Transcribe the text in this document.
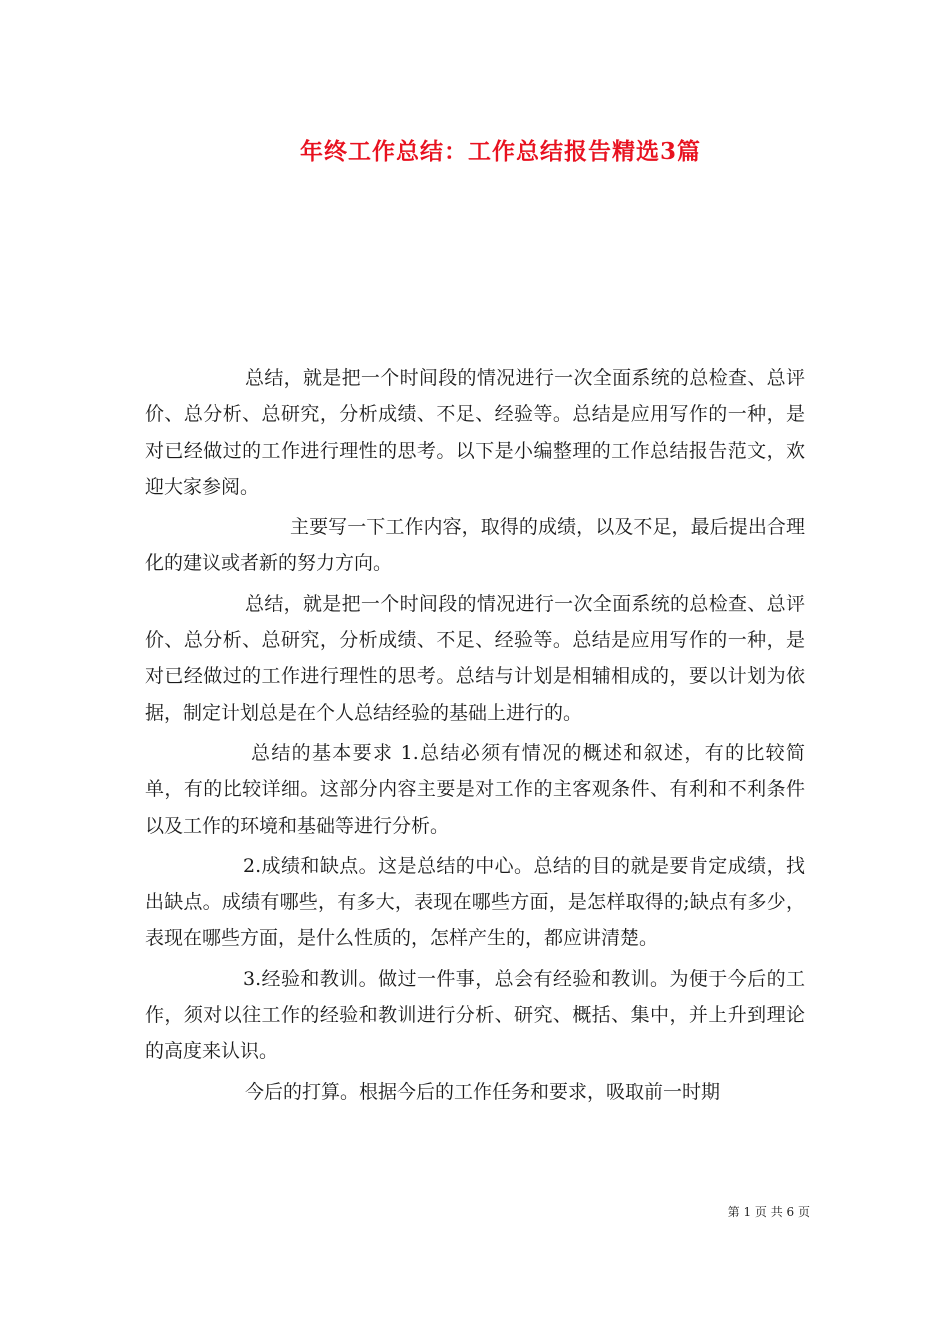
年终工作总结：工作总结报告精选3篇

总结，就是把一个时间段的情况进行一次全面系统的总检查、总评价、总分析、总研究，分析成绩、不足、经验等。总结是应用写作的一种，是对已经做过的工作进行理性的思考。以下是小编整理的工作总结报告范文，欢迎大家参阅。

主要写一下工作内容，取得的成绩，以及不足，最后提出合理化的建议或者新的努力方向。

总结，就是把一个时间段的情况进行一次全面系统的总检查、总评价、总分析、总研究，分析成绩、不足、经验等。总结是应用写作的一种，是对已经做过的工作进行理性的思考。总结与计划是相辅相成的，要以计划为依据，制定计划总是在个人总结经验的基础上进行的。

总结的基本要求 1.总结必须有情况的概述和叙述，有的比较简单，有的比较详细。这部分内容主要是对工作的主客观条件、有利和不利条件以及工作的环境和基础等进行分析。

2.成绩和缺点。这是总结的中心。总结的目的就是要肯定成绩，找出缺点。成绩有哪些，有多大，表现在哪些方面，是怎样取得的;缺点有多少，表现在哪些方面，是什么性质的，怎样产生的，都应讲清楚。

3.经验和教训。做过一件事，总会有经验和教训。为便于今后的工作，须对以往工作的经验和教训进行分析、研究、概括、集中，并上升到理论的高度来认识。

今后的打算。根据今后的工作任务和要求，吸取前一时期

第 1 页 共 6 页
